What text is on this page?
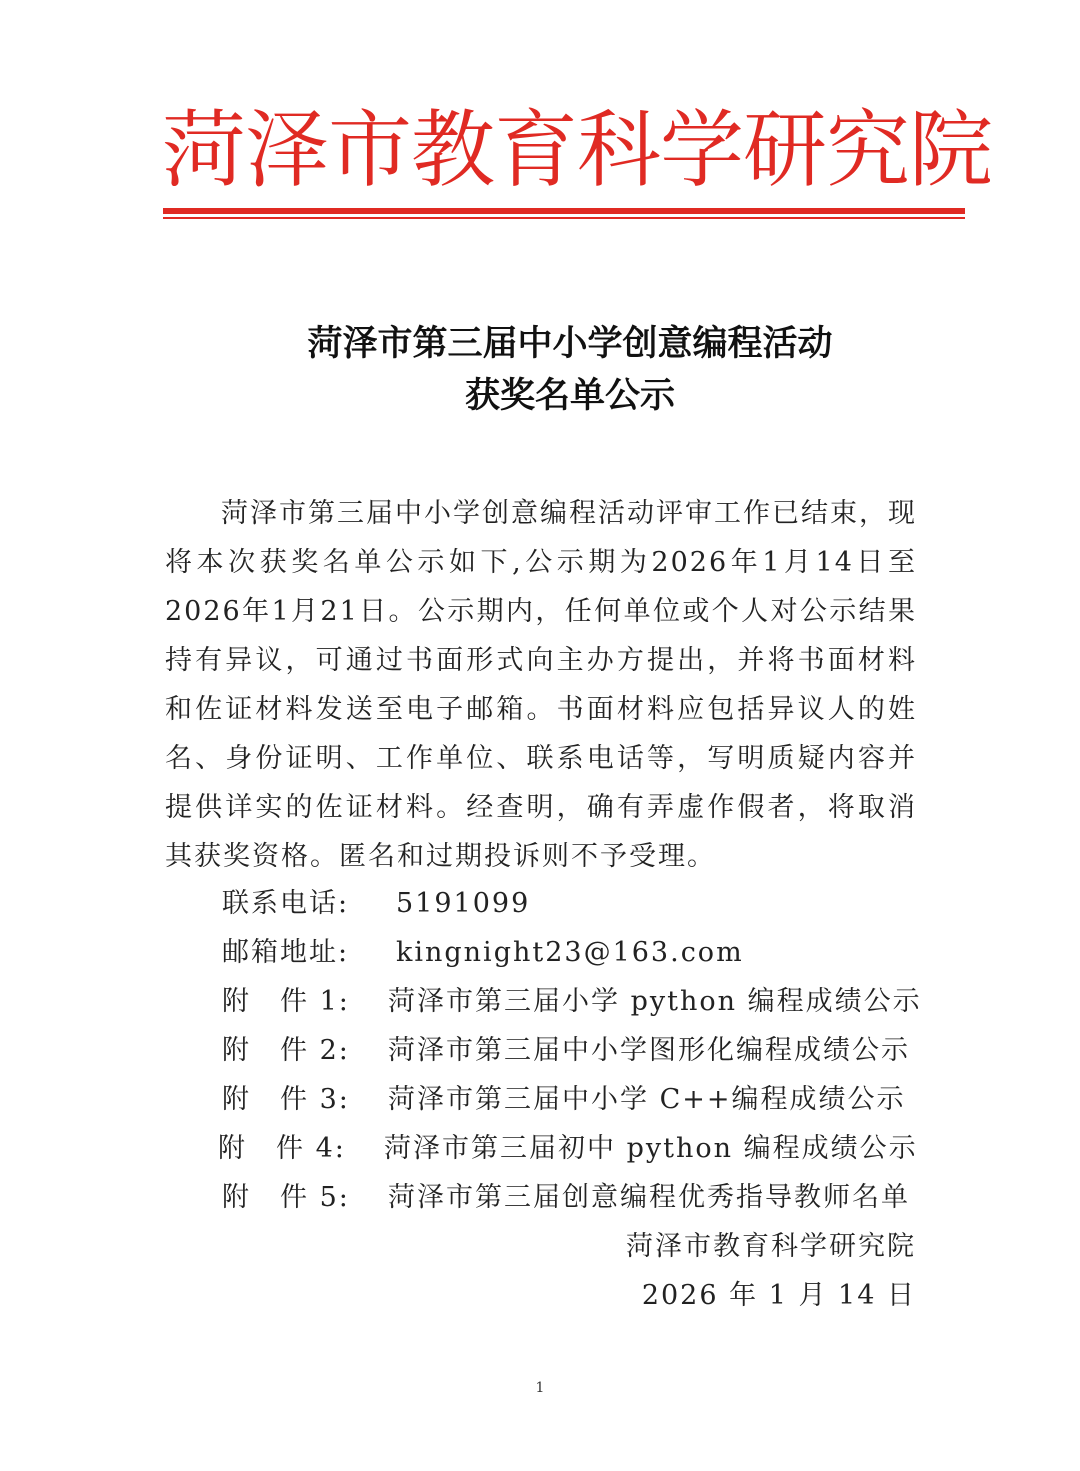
菏泽市教育科学研究院
菏泽市第三届中小学创意编程活动
获奖名单公示
菏泽市第三届中小学创意编程活动评审工作已结束，现将本次获奖名单公示如下,公示期为2026年1月14日至2026年1月21日。公示期内，任何单位或个人对公示结果持有异议，可通过书面形式向主办方提出，并将书面材料和佐证材料发送至电子邮箱。书面材料应包括异议人的姓名、身份证明、工作单位、联系电话等，写明质疑内容并提供详实的佐证材料。经查明，确有弄虚作假者，将取消其获奖资格。匿名和过期投诉则不予受理。
联系电话: 5191099
邮箱地址: kingnight23@163.com
附　件 1: 菏泽市第三届小学 python 编程成绩公示
附　件 2: 菏泽市第三届中小学图形化编程成绩公示
附　件 3: 菏泽市第三届中小学 C++编程成绩公示
附　件 4: 菏泽市第三届初中 python 编程成绩公示
附　件 5: 菏泽市第三届创意编程优秀指导教师名单
菏泽市教育科学研究院
2026 年 1 月 14 日
1
